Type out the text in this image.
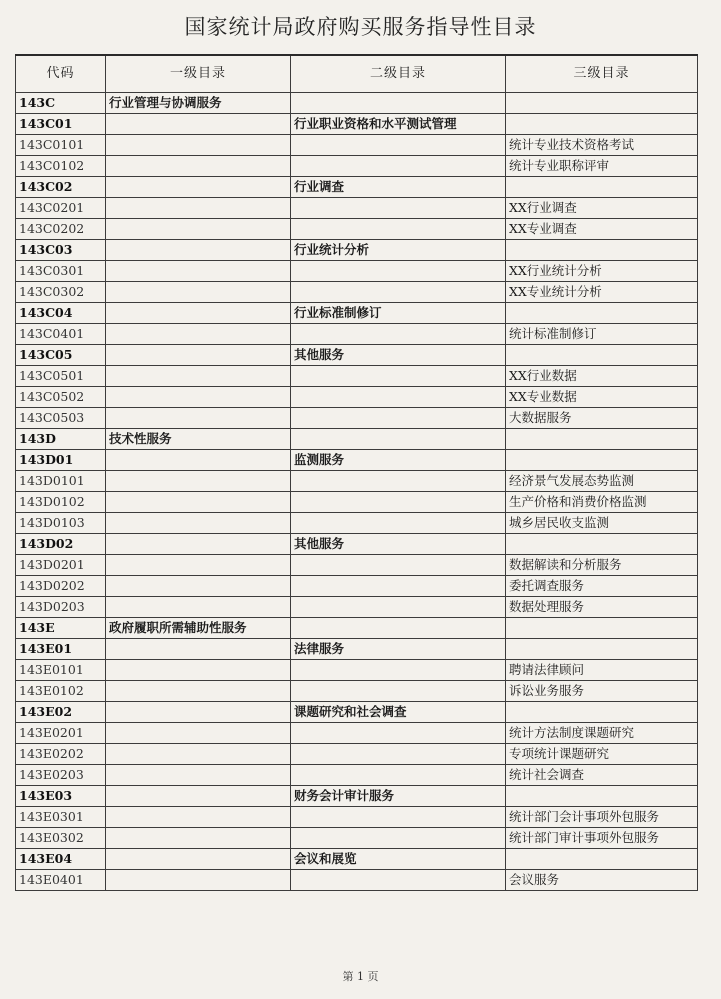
国家统计局政府购买服务指导性目录
代码	一级目录	二级目录	三级目录
143C	行业管理与协调服务		
143C01		行业职业资格和水平测试管理	
143C0101			统计专业技术资格考试
143C0102			统计专业职称评审
143C02		行业调查	
143C0201			XX行业调查
143C0202			XX专业调查
143C03		行业统计分析	
143C0301			XX行业统计分析
143C0302			XX专业统计分析
143C04		行业标准制修订	
143C0401			统计标准制修订
143C05		其他服务	
143C0501			XX行业数据
143C0502			XX专业数据
143C0503			大数据服务
143D	技术性服务		
143D01		监测服务	
143D0101			经济景气发展态势监测
143D0102			生产价格和消费价格监测
143D0103			城乡居民收支监测
143D02		其他服务	
143D0201			数据解读和分析服务
143D0202			委托调查服务
143D0203			数据处理服务
143E	政府履职所需辅助性服务		
143E01		法律服务	
143E0101			聘请法律顾问
143E0102			诉讼业务服务
143E02		课题研究和社会调查	
143E0201			统计方法制度课题研究
143E0202			专项统计课题研究
143E0203			统计社会调查
143E03		财务会计审计服务	
143E0301			统计部门会计事项外包服务
143E0302			统计部门审计事项外包服务
143E04		会议和展览	
143E0401			会议服务
第 1 页
